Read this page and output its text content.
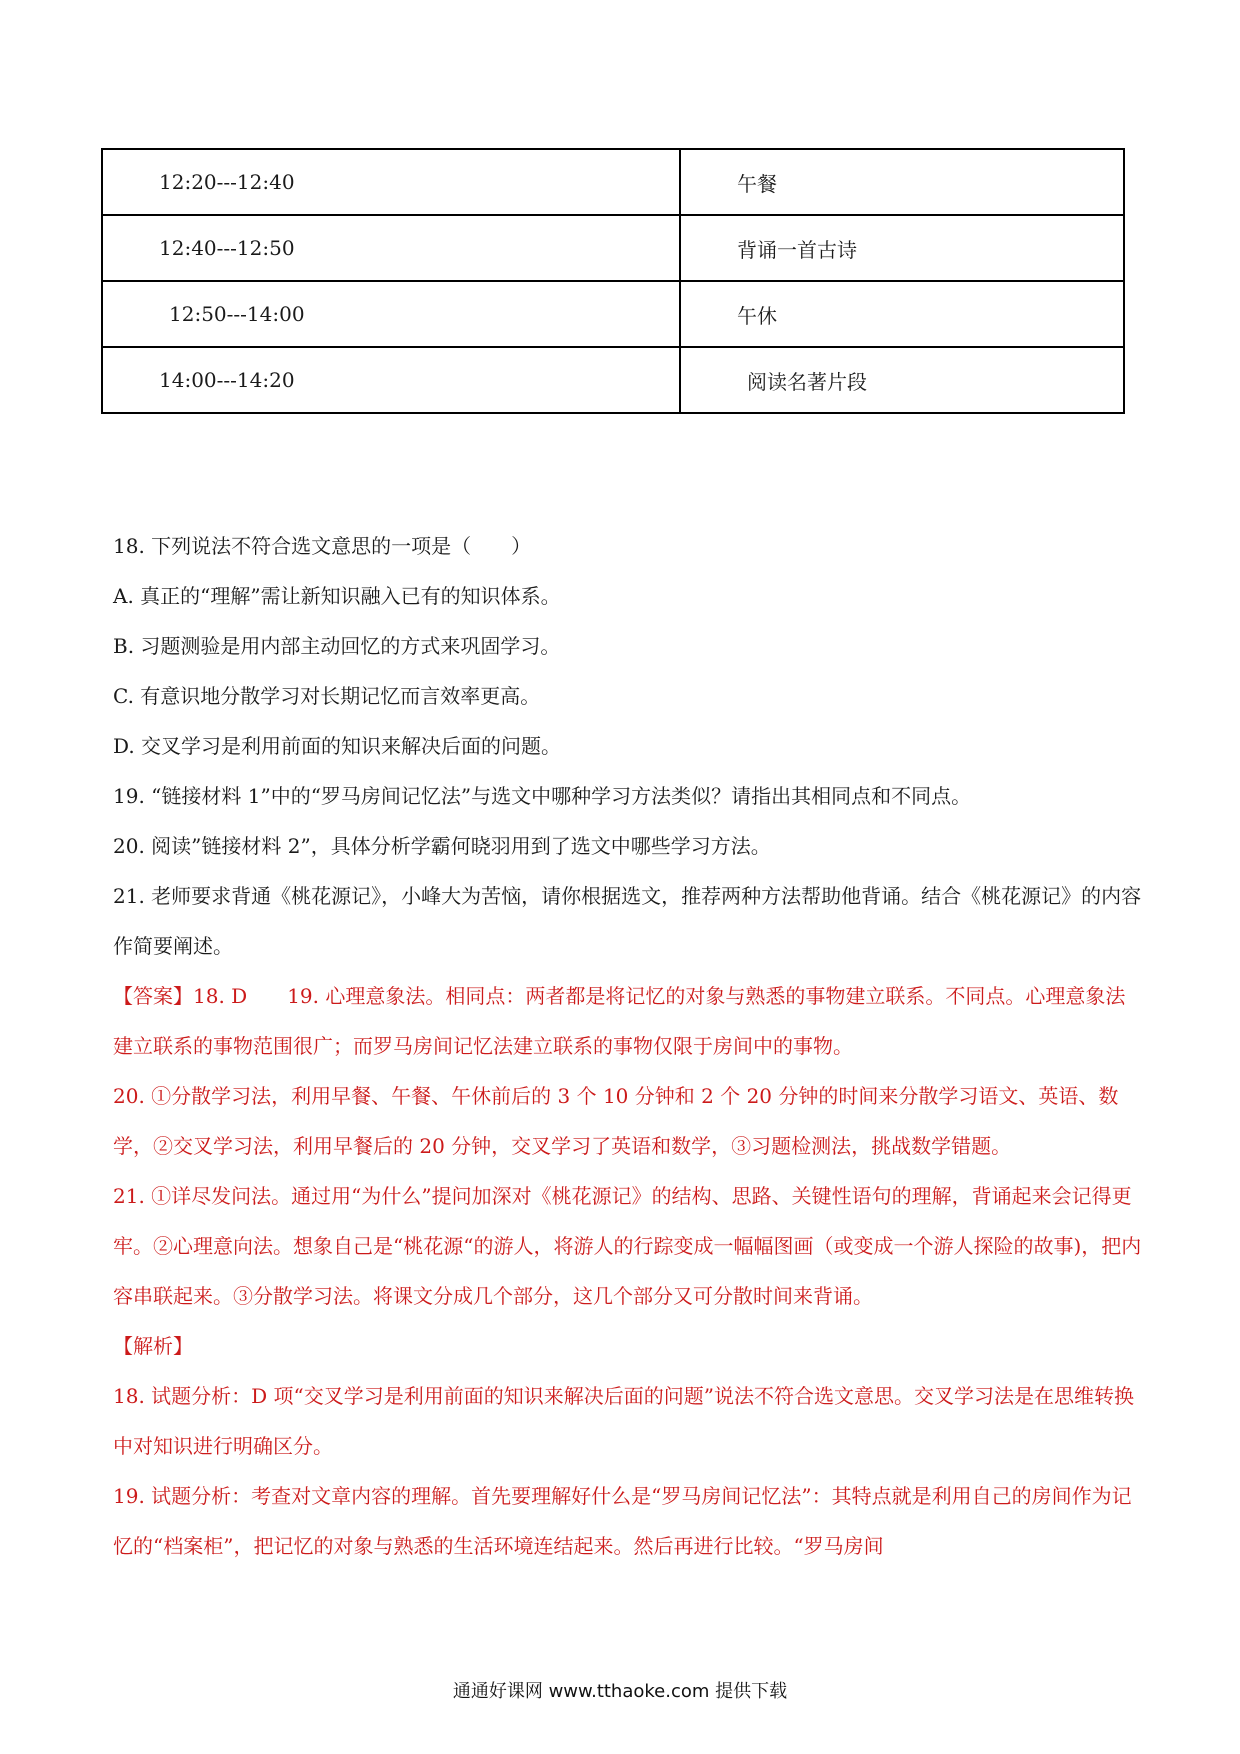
12:20---12:40	午餐
12:40---12:50	背诵一首古诗
12:50---14:00	午休
14:00---14:20	阅读名著片段

18. 下列说法不符合选文意思的一项是（　　）

A. 真正的“理解”需让新知识融入已有的知识体系。

B. 习题测验是用内部主动回忆的方式来巩固学习。

C. 有意识地分散学习对长期记忆而言效率更高。

D. 交叉学习是利用前面的知识来解决后面的问题。

19. “链接材料 1”中的“罗马房间记忆法”与选文中哪种学习方法类似？请指出其相同点和不同点。

20. 阅读”链接材料 2”，具体分析学霸何晓羽用到了选文中哪些学习方法。

21. 老师要求背通《桃花源记》，小峰大为苦恼，请你根据选文，推荐两种方法帮助他背诵。结合《桃花源记》的内容作简要阐述。

【答案】18. D 19. 心理意象法。相同点：两者都是将记忆的对象与熟悉的事物建立联系。不同点。心理意象法建立联系的事物范围很广；而罗马房间记忆法建立联系的事物仅限于房间中的事物。

20. ①分散学习法，利用早餐、午餐、午休前后的 3 个 10 分钟和 2 个 20 分钟的时间来分散学习语文、英语、数学，②交叉学习法，利用早餐后的 20 分钟，交叉学习了英语和数学，③习题检测法，挑战数学错题。

21. ①详尽发问法。通过用“为什么”提问加深对《桃花源记》的结构、思路、关键性语句的理解，背诵起来会记得更牢。②心理意向法。想象自己是“桃花源“的游人，将游人的行踪变成一幅幅图画（或变成一个游人探险的故事)，把内容串联起来。③分散学习法。将课文分成几个部分，这几个部分又可分散时间来背诵。

【解析】

18. 试题分析：D 项“交叉学习是利用前面的知识来解决后面的问题”说法不符合选文意思。交叉学习法是在思维转换中对知识进行明确区分。

19. 试题分析：考查对文章内容的理解。首先要理解好什么是“罗马房间记忆法”：其特点就是利用自己的房间作为记忆的“档案柜”，把记忆的对象与熟悉的生活环境连结起来。然后再进行比较。“罗马房间

通通好课网 www.tthaoke.com 提供下载
